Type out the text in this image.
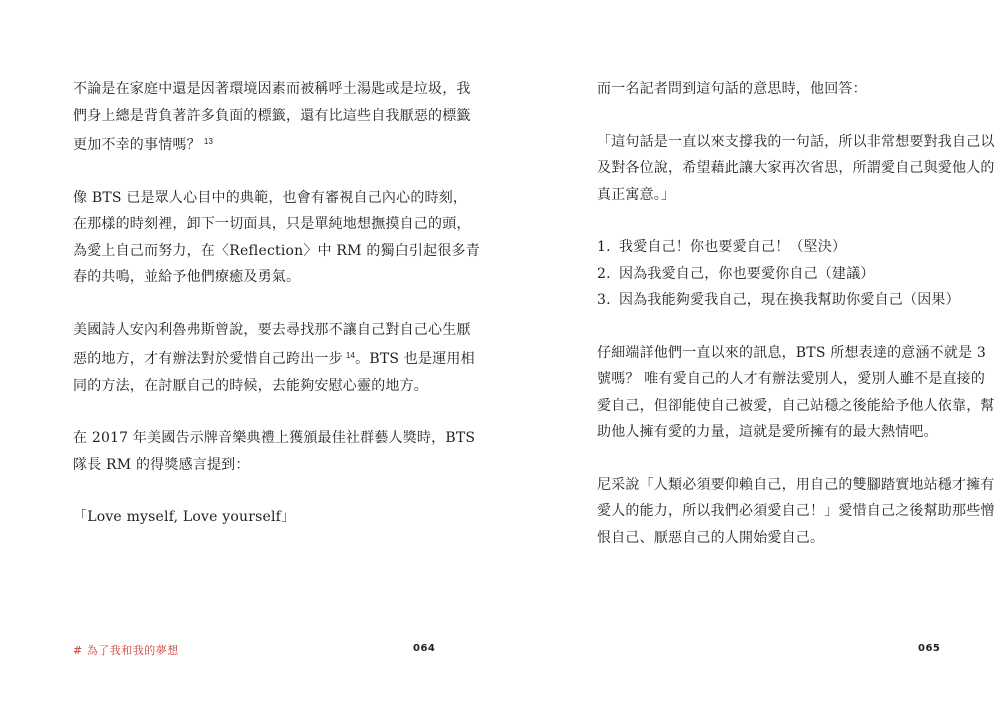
不論是在家庭中還是因著環境因素而被稱呼土湯匙或是垃圾，我
們身上總是背負著許多負面的標籤，還有比這些自我厭惡的標籤
更加不幸的事情嗎？ $^{13}$

像 BTS 已是眾人心目中的典範，也會有審視自己內心的時刻，
在那樣的時刻裡，卸下一切面具，只是單純地想撫摸自己的頭，
為愛上自己而努力，在〈Reflection〉中 RM 的獨白引起很多青
春的共鳴，並給予他們療癒及勇氣。

美國詩人安內利魯弗斯曾說，要去尋找那不讓自己對自己心生厭
惡的地方，才有辦法對於愛惜自己跨出一步 $^{14}$。BTS 也是運用相
同的方法，在討厭自己的時候，去能夠安慰心靈的地方。

在 2017 年美國告示牌音樂典禮上獲頒最佳社群藝人獎時，BTS
隊長 RM 的得獎感言提到：

「Love myself, Love yourself」

# 為了我和我的夢想	064

而一名記者問到這句話的意思時，他回答：

「這句話是一直以來支撐我的一句話，所以非常想要對我自己以
及對各位說，希望藉此讓大家再次省思，所謂愛自己與愛他人的
真正寓意。」

1. 我愛自己！你也要愛自己！（堅決）
2. 因為我愛自己，你也要愛你自己（建議）
3. 因為我能夠愛我自己，現在換我幫助你愛自己（因果）

仔細端詳他們一直以來的訊息，BTS 所想表達的意涵不就是 3
號嗎？ 唯有愛自己的人才有辦法愛別人，愛別人雖不是直接的
愛自己，但卻能使自己被愛，自己站穩之後能給予他人依靠，幫
助他人擁有愛的力量，這就是愛所擁有的最大熱情吧。

尼采說「人類必須要仰賴自己，用自己的雙腳踏實地站穩才擁有
愛人的能力，所以我們必須愛自己！」愛惜自己之後幫助那些憎
恨自己、厭惡自己的人開始愛自己。

065
